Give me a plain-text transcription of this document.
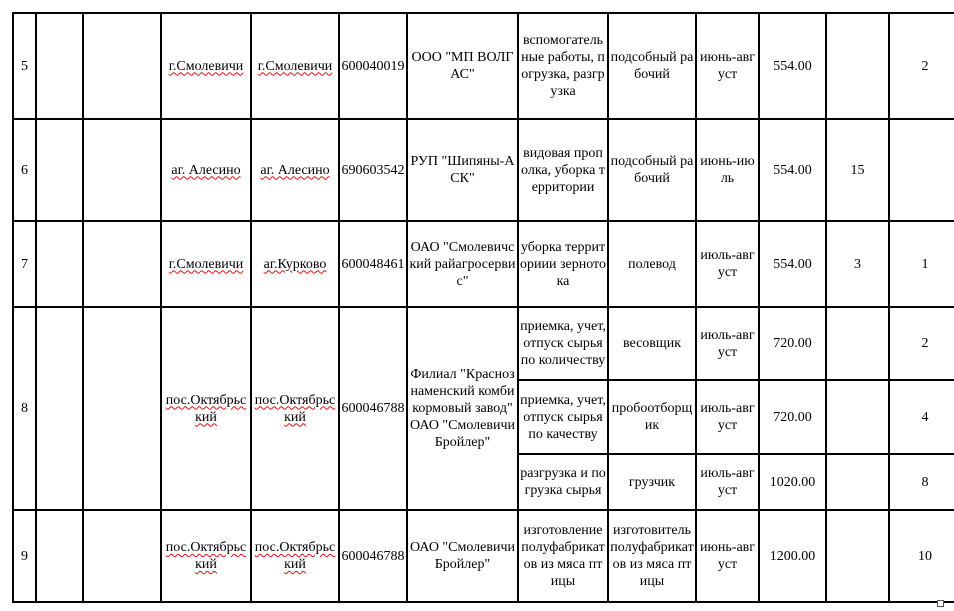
5			г.Смолевичи	г.Смолевичи	600040019	ООО "МП ВОЛГАС"	вспомогательные работы, погрузка, разгрузка	подсобный рабочий	июнь-август	554.00		2
6			аг. Алесино	аг. Алесино	690603542	РУП "Шипяны-АСК"	видовая прополка, уборка территории	подсобный рабочий	июнь-июль	554.00	15	
7			г.Смолевичи	аг.Курково	600048461	ОАО "Смолевичский райагросервис"	уборка территориии зернотока	полевод	июль-август	554.00	3	1
8			пос.Октябрьский	пос.Октябрьский	600046788	Филиал "Краснознаменский комбикормовый завод" ОАО "Смолевичи Бройлер"	приемка, учет, отпуск сырья по количеству	весовщик	июль-август	720.00		2
							приемка, учет, отпуск сырья по качеству	пробоотборщик	июль-август	720.00		4
							разгрузка и погрузка сырья	грузчик	июль-август	1020.00		8
9			пос.Октябрьский	пос.Октябрьский	600046788	ОАО "Смолевичи Бройлер"	изготовление полуфабрикатов из мяса птицы	изготовитель полуфабрикатов из мяса птицы	июнь-август	1200.00		10
